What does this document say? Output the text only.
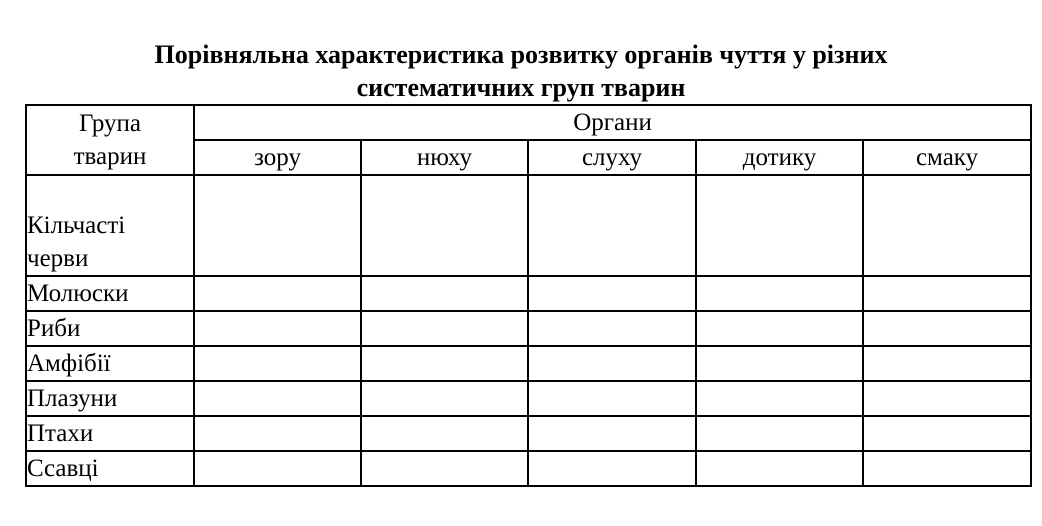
Порівняльна характеристика розвитку органів чуття у різних
систематичних груп тварин
Група
тварин	Органи				
	зору	нюху	слуху	дотику	смаку

Кільчасті
черви					

Молюски					
Риби					
Амфібії					
Плазуни					
Птахи					
Ссавці					
